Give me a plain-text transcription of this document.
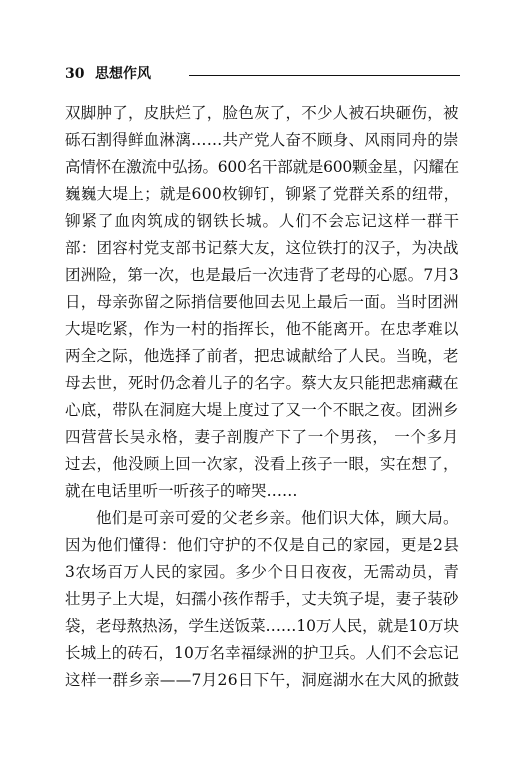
30 思想作风
双脚肿了，皮肤烂了，脸色灰了，不少人被石块砸伤，被
砾石割得鲜血淋漓……共产党人奋不顾身、风雨同舟的崇
高情怀在激流中弘扬。600名干部就是600颗金星，闪耀在
巍巍大堤上；就是600枚铆钉，铆紧了党群关系的纽带，
铆紧了血肉筑成的钢铁长城。人们不会忘记这样一群干
部：团容村党支部书记蔡大友，这位铁打的汉子，为决战
团洲险，第一次，也是最后一次违背了老母的心愿。7月3
日，母亲弥留之际捎信要他回去见上最后一面。当时团洲
大堤吃紧，作为一村的指挥长，他不能离开。在忠孝难以
两全之际，他选择了前者，把忠诚献给了人民。当晚，老
母去世，死时仍念着儿子的名字。蔡大友只能把悲痛藏在
心底，带队在洞庭大堤上度过了又一个不眠之夜。团洲乡
四营营长吴永格，妻子剖腹产下了一个男孩， 一个多月
过去，他没顾上回一次家，没看上孩子一眼，实在想了，
就在电话里听一听孩子的啼哭……
他们是可亲可爱的父老乡亲。他们识大体，顾大局。
因为他们懂得：他们守护的不仅是自己的家园，更是2县
3农场百万人民的家园。多少个日日夜夜，无需动员，青
壮男子上大堤，妇孺小孩作帮手，丈夫筑子堤，妻子装砂
袋，老母熬热汤，学生送饭菜……10万人民，就是10万块
长城上的砖石，10万名幸福绿洲的护卫兵。人们不会忘记
这样一群乡亲——7月26日下午，洞庭湖水在大风的掀鼓
